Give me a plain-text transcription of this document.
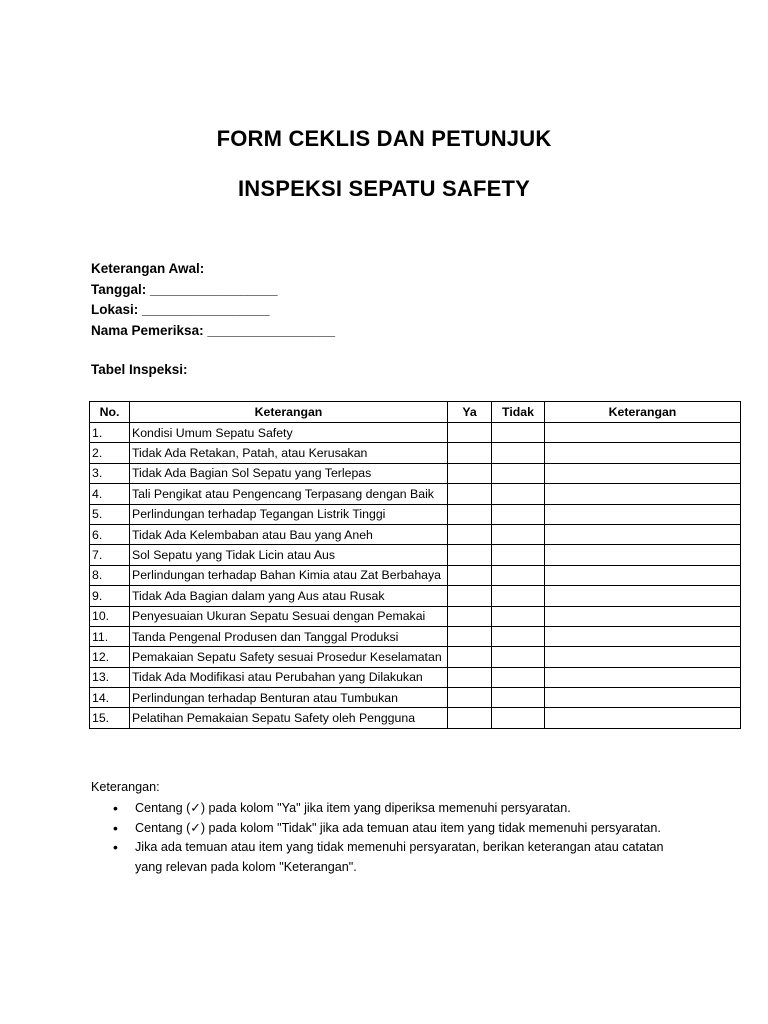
FORM CEKLIS DAN PETUNJUK
INSPEKSI SEPATU SAFETY
Keterangan Awal:
Tanggal: _________________
Lokasi: _________________
Nama Pemeriksa: _________________
Tabel Inspeksi:
No.	Keterangan	Ya	Tidak	Keterangan
1.	Kondisi Umum Sepatu Safety			
2.	Tidak Ada Retakan, Patah, atau Kerusakan			
3.	Tidak Ada Bagian Sol Sepatu yang Terlepas			
4.	Tali Pengikat atau Pengencang Terpasang dengan Baik			
5.	Perlindungan terhadap Tegangan Listrik Tinggi			
6.	Tidak Ada Kelembaban atau Bau yang Aneh			
7.	Sol Sepatu yang Tidak Licin atau Aus			
8.	Perlindungan terhadap Bahan Kimia atau Zat Berbahaya			
9.	Tidak Ada Bagian dalam yang Aus atau Rusak			
10.	Penyesuaian Ukuran Sepatu Sesuai dengan Pemakai			
11.	Tanda Pengenal Produsen dan Tanggal Produksi			
12.	Pemakaian Sepatu Safety sesuai Prosedur Keselamatan			
13.	Tidak Ada Modifikasi atau Perubahan yang Dilakukan			
14.	Perlindungan terhadap Benturan atau Tumbukan			
15.	Pelatihan Pemakaian Sepatu Safety oleh Pengguna			
Keterangan:
• Centang (✓) pada kolom "Ya" jika item yang diperiksa memenuhi persyaratan.
• Centang (✓) pada kolom "Tidak" jika ada temuan atau item yang tidak memenuhi persyaratan.
• Jika ada temuan atau item yang tidak memenuhi persyaratan, berikan keterangan atau catatan yang relevan pada kolom "Keterangan".
